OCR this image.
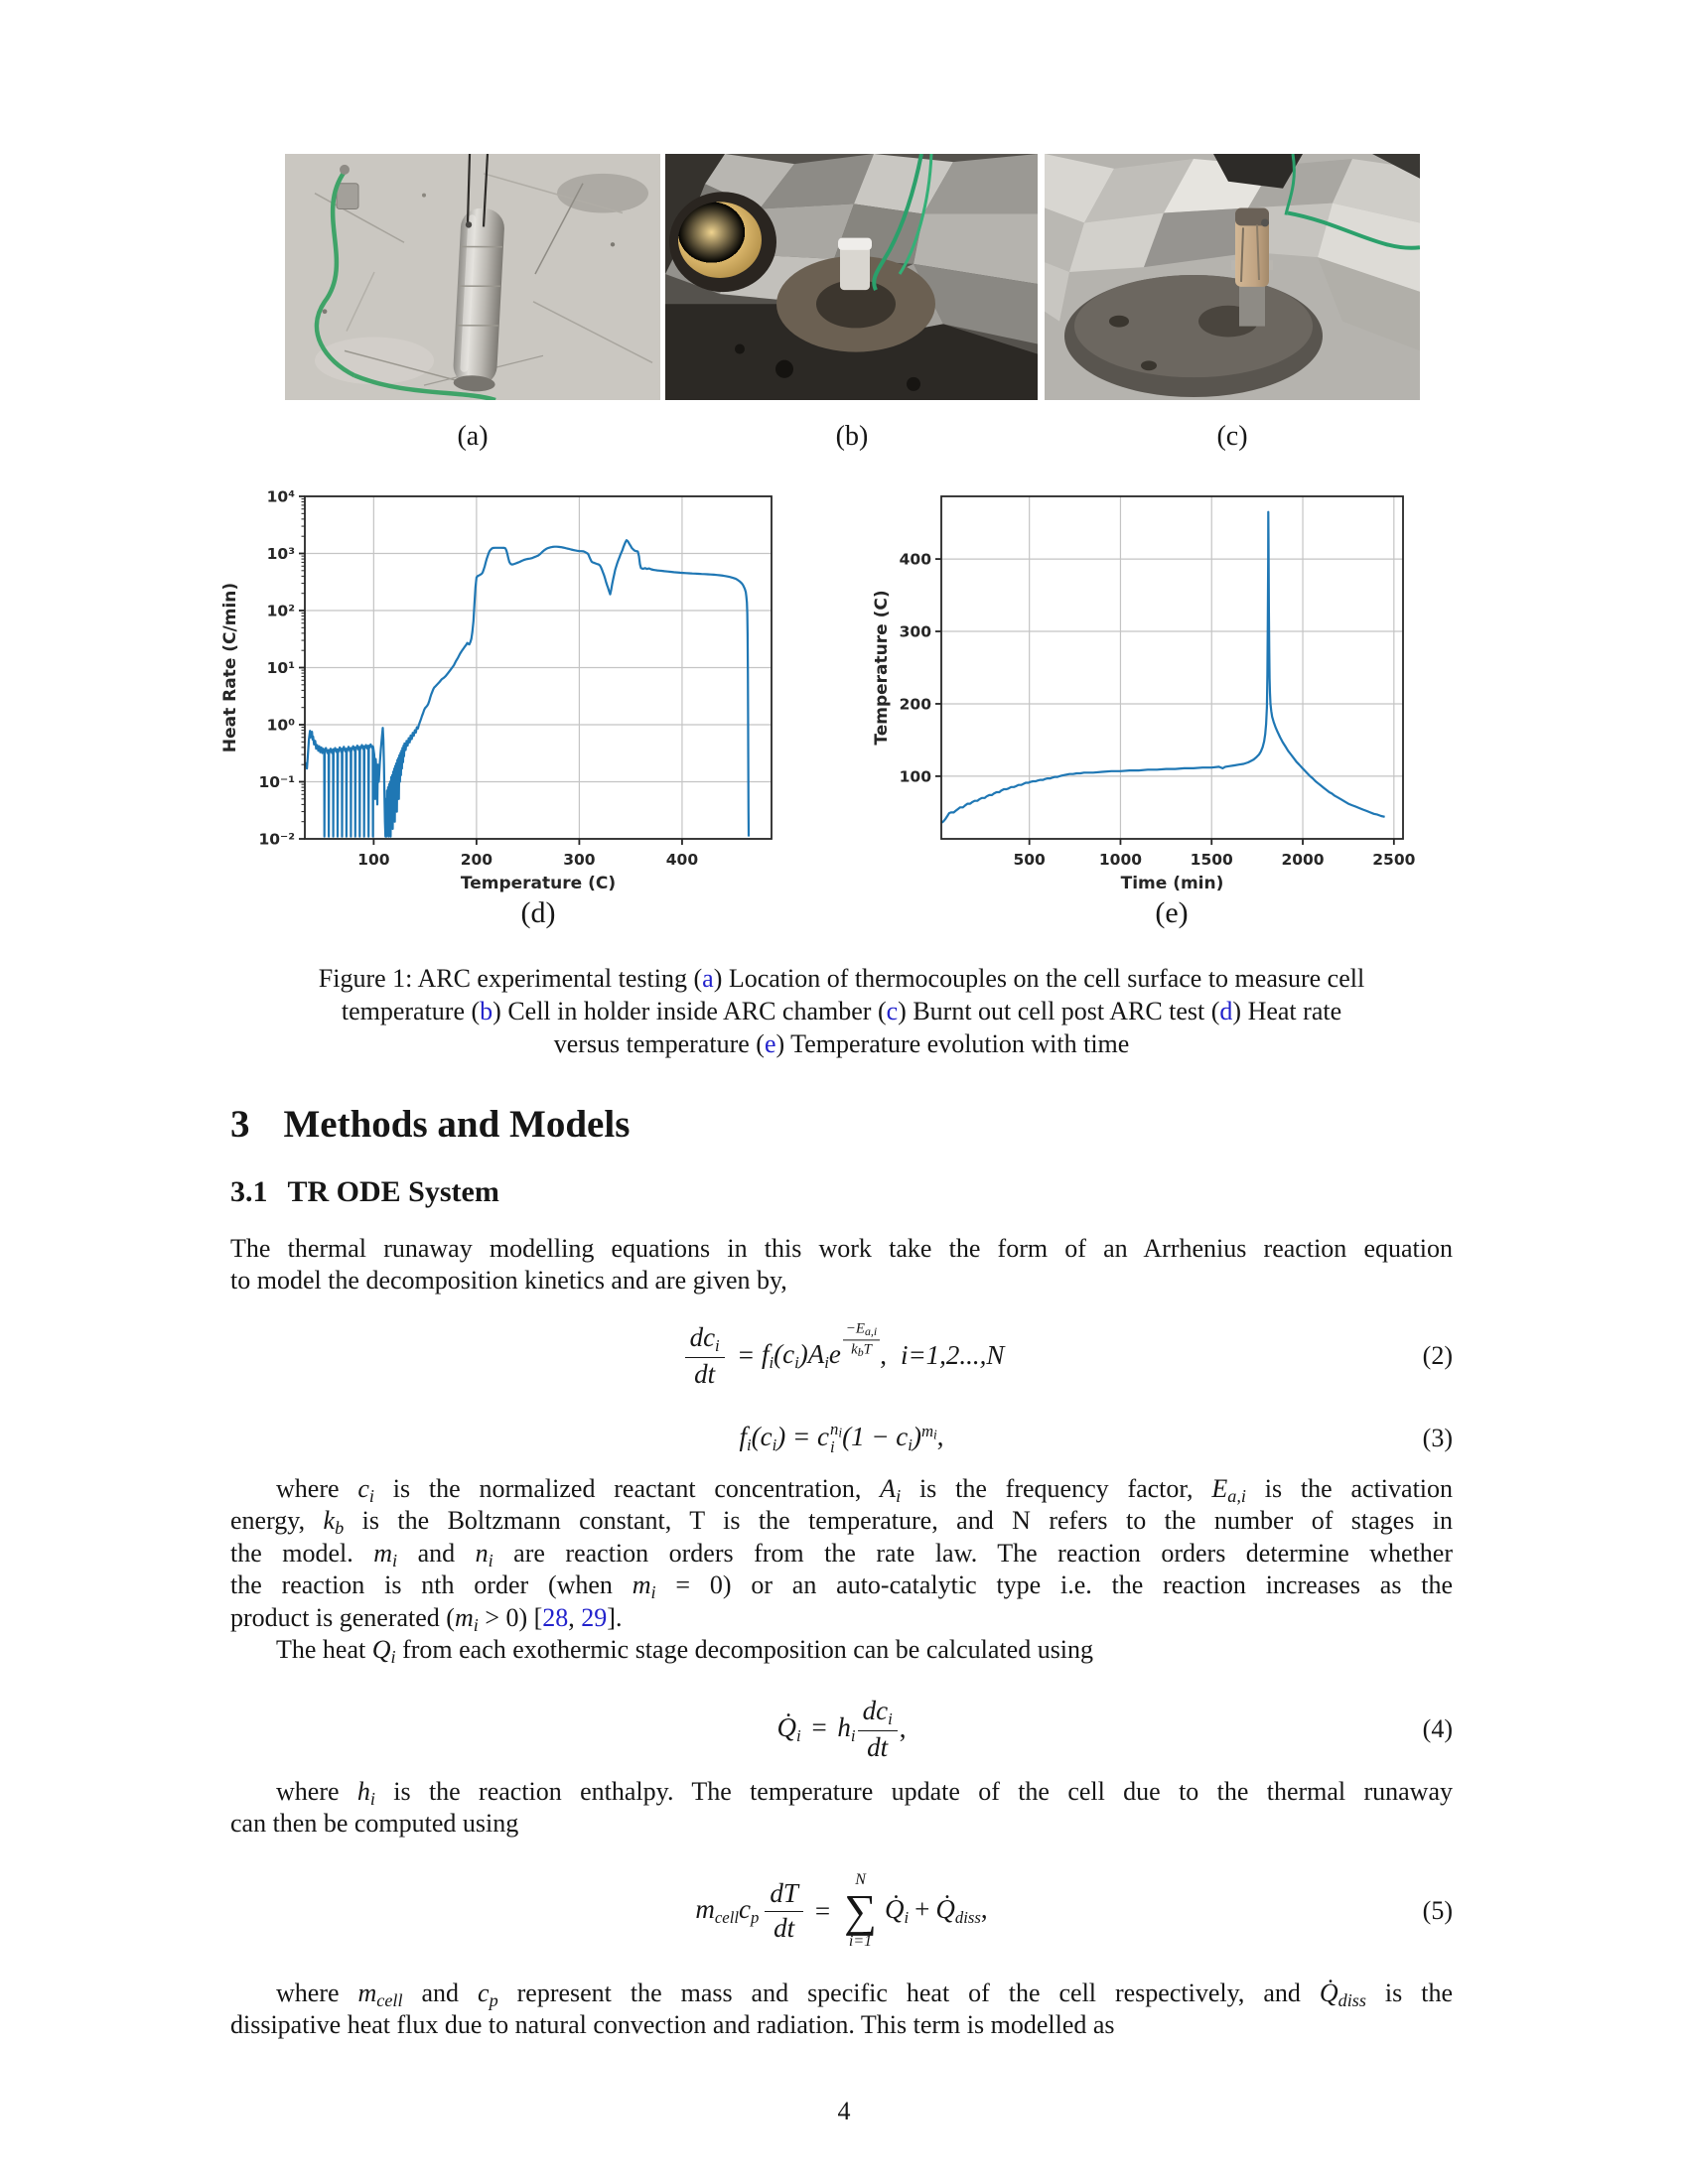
(a)	(b)	(c)
100	200	300	400
10⁴
10³
10²
10¹
10⁰
10⁻¹
10⁻²
Temperature (C)
Heat Rate (C/min)
500	1000	1500	2000	2500
100
200
300
400
Time (min)
Temperature (C)
(d)	(e)
Figure 1: ARC experimental testing (a) Location of thermocouples on the cell surface to measure cell
temperature (b) Cell in holder inside ARC chamber (c) Burnt out cell post ARC test (d) Heat rate
versus temperature (e) Temperature evolution with time
3 Methods and Models
3.1 TR ODE System
The thermal runaway modelling equations in this work take the form of an Arrhenius reaction equation
to model the decomposition kinetics and are given by,
$\frac{\text{dci}}{dt} = fi(ci)Aie$
−Ea,i
kbT , i=1,2...,N	(2)
fi(ci) = c ni
i (1 − ci)$^{mi}$,	(3)
where $c_i$ is the normalized reactant concentration, $A_i$ is the frequency factor, $E_{a,i}$ is the activation
energy, $k_b$ is the Boltzmann constant, T is the temperature, and N refers to the number of stages in
the model. $m_i$ and $n_i$ are reaction orders from the rate law. The reaction orders determine whether
the reaction is nth order (when $m_i = 0$) or an auto-catalytic type i.e. the reaction increases as the
product is generated $(m_i > 0)$ [28, 29].
The heat $Q_i$ from each exothermic stage decomposition can be calculated using
Q̇i = hi $\frac{\text{dci}}{dt}$ ,	(4)
where $h_i$ is the reaction enthalpy. The temperature update of the cell due to the thermal runaway
can then be computed using
mcellcp $\frac{dT}{dt}$ =
N
∑
i=1
Q̇i + Q̇diss,	(5)
where $m_{cell}$ and $c_p$ represent the mass and specific heat of the cell respectively, and $Q̇_{diss}$ is the
dissipative heat flux due to natural convection and radiation. This term is modelled as
4
